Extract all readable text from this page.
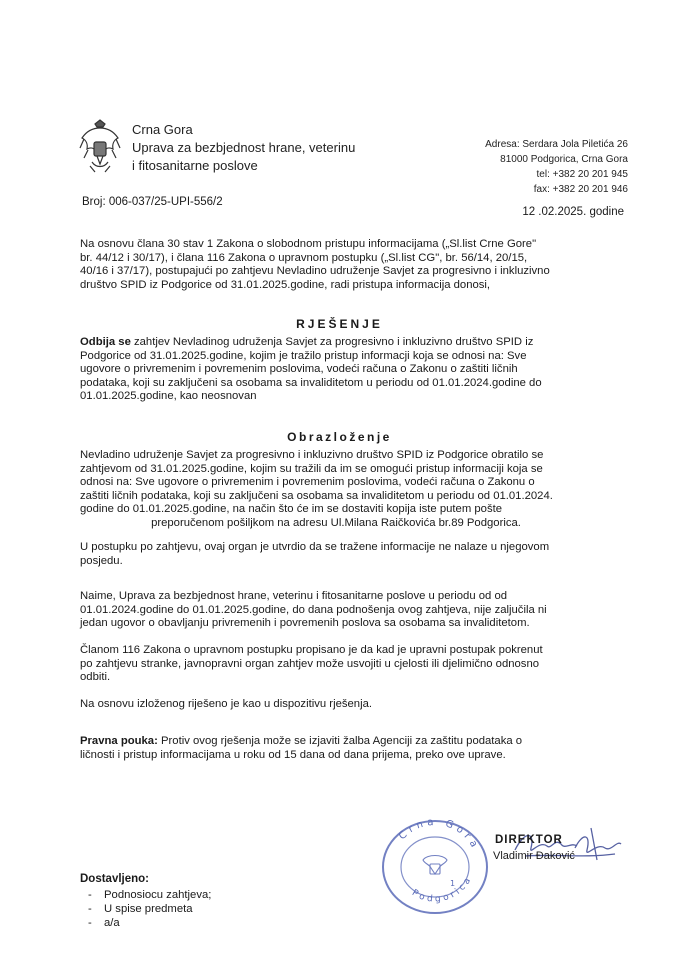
Crna Gora
Uprava za bezbjednost hrane, veterinu
i fitosanitarne poslove
Adresa: Serdara Jola Piletića 26
81000 Podgorica, Crna Gora
tel: +382 20 201 945
fax: +382 20 201 946
Broj: 006-037/25-UPI-556/2
12 .02.2025. godine
Na osnovu člana 30 stav 1 Zakona o slobodnom pristupu informacijama („Sl.list Crne Gore"
br. 44/12 i 30/17), i člana 116 Zakona o upravnom postupku („Sl.list CG", br. 56/14, 20/15,
40/16 i 37/17), postupajući po zahtjevu Nevladino udruženje Savjet za progresivno i inkluzivno
društvo SPID iz Podgorice od 31.01.2025.godine, radi pristupa informacija donosi,
RJEŠENJE
Odbija se zahtjev Nevladinog udruženja Savjet za progresivno i inkluzivno društvo SPID iz
Podgorice od 31.01.2025.godine, kojim je tražilo pristup informacji koja se odnosi na: Sve
ugovore o privremenim i povremenim poslovima, vodeći računa o Zakonu o zaštiti ličnih
podataka, koji su zaključeni sa osobama sa invaliditetom u periodu od 01.01.2024.godine do
01.01.2025.godine, kao neosnovan
Obrazloženje
Nevladino udruženje Savjet za progresivno i inkluzivno društvo SPID iz Podgorice obratilo se
zahtjevom od 31.01.2025.godine, kojim su tražili da im se omogući pristup informaciji koja se
odnosi na: Sve ugovore o privremenim i povremenim poslovima, vodeći računa o Zakonu o
zaštiti ličnih podataka, koji su zaključeni sa osobama sa invaliditetom u periodu od 01.01.2024.
godine do 01.01.2025.godine, na način što će im se dostaviti kopija iste putem pošte
preporučenom pošiljkom na adresu Ul.Milana Raičkovića br.89 Podgorica.
U postupku po zahtjevu, ovaj organ je utvrdio da se tražene informacije ne nalaze u njegovom
posjedu.
Naime, Uprava za bezbjednost hrane, veterinu i fitosanitarne poslove u periodu od od
01.01.2024.godine do 01.01.2025.godine, do dana podnošenja ovog zahtjeva, nije zaljučila ni
jedan ugovor o obavljanju privremenih i povremenih poslova sa osobama sa invaliditetom.
Članom 116 Zakona o upravnom postupku propisano je da kad je upravni postupak pokrenut
po zahtjevu stranke, javnopravni organ zahtjev može usvojiti u cjelosti ili djelimično odnosno
odbiti.
Na osnovu izloženog riješeno je kao u dispozitivu rješenja.
Pravna pouka: Protiv ovog rješenja može se izjaviti žalba Agenciji za zaštitu podataka o
ličnosti i pristup informacijama u roku od 15 dana od dana prijema, preko ove uprave.
Crna Gora
Podgorica
1
DIREKTOR
Vladimir Đaković
Dostavljeno:
- Podnosiocu zahtjeva;
- U spise predmeta
- a/a
